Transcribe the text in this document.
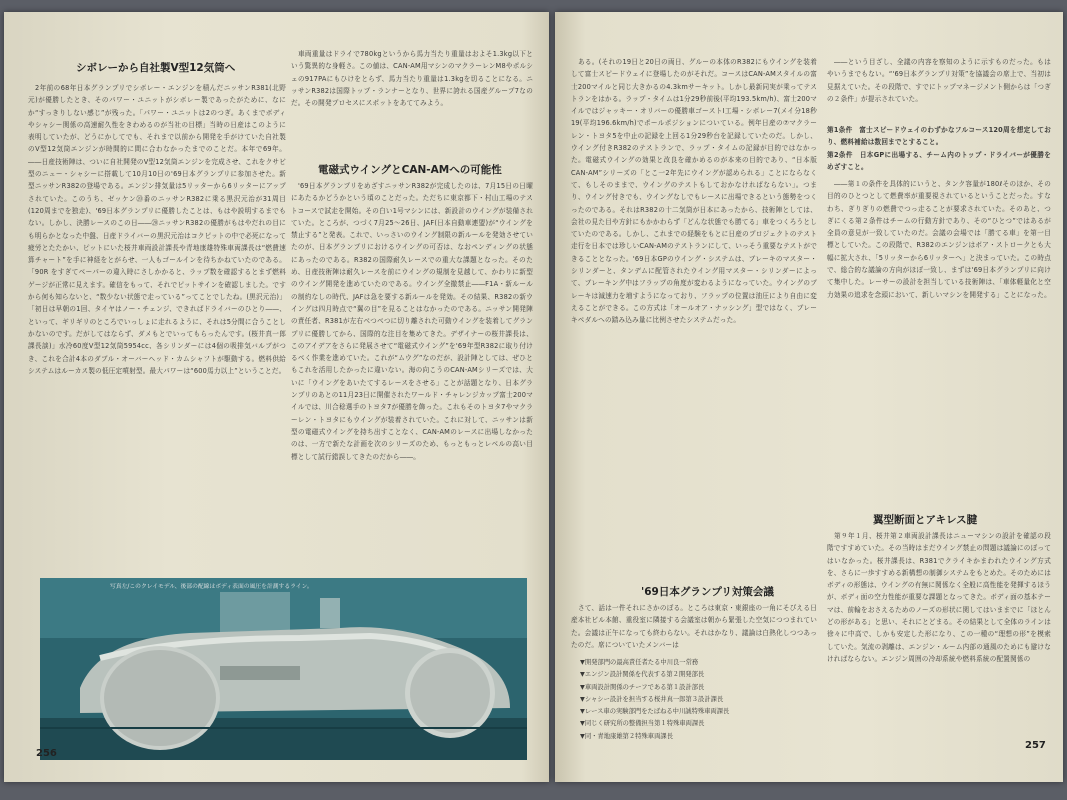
シボレーから自社製V型12気筒へ

2年前の68年日本グランプリでシボレー・エンジンを積んだニッサンR381(北野元)が優勝したとき、そのパワー・ユニットがシボレー製であったがために、なにか“すっきりしない感じ”が残った。「パワー・ユニットは2のつぎ。あくまでボディやシャシー関係の高速耐久性をきわめるのが当社の目標」当時の日産はこのように表明していたが、どうにかしてでも、それまで以前から開発を手がけていた自社製のV型12気筒エンジンが時間的に間に合わなかったまでのことだ。本年で69年。――日産技術陣は、ついに自社開発のV型12気筒エンジンを完成させ、これをクサビ型のニュー・シャシーに搭載して10月10日の'69日本グランプリに参加させた。新型ニッサンR382の登場である。エンジン排気量は5リッターから6リッターにアップされていた。このうち、ゼッケン⑳番のニッサンR382に乗る黒沢元治が31周目(120周までを独走)、'69日本グランプリに優勝したことは、もはや説明するまでもない。しかし、決勝レースのこの日――⑳ニッサンR382の優勝がもはやだれの目にも明らかとなった中盤、日産ドライバーの黒沢元治はコクピットの中で必死になって疲労とたたかい、ピットにいた桜井車両設計課長や青地康雄特殊車両課長は“燃費速算チャート”を手に神経をとがらせ、一人もゴールインを待ちかねていたのである。「90R をすぎてベーパーの違入時にさしかかると、ラップ数を確認するとまず燃料ゲージが正常に見えます。確信をもって、それでピットサインを確認しました。ですから何も知らないと、“数少ない状態で走っている”ってことでしたね。(黒沢元治)」「初日は早朝の1回、タイヤはノー・チェンジ、できればドライバーのひとり――、といって、ギリギリのところでいっしょに走れるように、それは5分間に合うことしかないのです。だがしてはならず、ダメもとでいってもらったんです。(桜井真一郎課長談)」水冷60度V型12気筒5954cc、各シリンダーには4個の吸排気バルブがつき、これを合計4本のダブル・オーバーヘッド・カムシャフトが駆動する。燃料供給システムはルーカス製の低圧定噴射型。最大パワーは“600馬力以上”ということだ。

車両重量はドライで780kgというから馬力当たり重量はおよそ1.3kg以下という驚異的な身軽さ。この値は、CAN-AM用マシンのマクラーレンM8やポルシェの917PAにもひけをとらず、馬力当たり重量は1.3kgを切ることになる。ニッサンR382は国際トップ・ランナーとなり、世界に誇れる国産グループ7なのだ。その開発プロセスにスポットをあててみよう。

電磁式ウイングとCAN-AMへの可能性

'69日本グランプリをめざすニッサンR382が完成したのは、7月15日の日曜にあたるかどうかという頃のことだった。ただちに東京都下・村山工場のテストコースで試走を開始。その白い1号マシンには、新設計のウイングが装備されていた。ところが、つづく7月25～26日、JAF(日本自動車連盟)が“ウイングを禁止する”と発表。これで、いっさいのウイング制限の新ルールを発効させていたのが、日本グランプリにおけるウイングの可否は、なおペンディングの状態にあったのである。R382の国際耐久レースでの重大な課題となった。そのため、日産技術陣は耐久レースを前にウイングの規制を見越して、かわりに新型のウイング開発を進めていたのである。ウイング全撤禁止――F1A・新ルールの制約なしの時代、JAFは急を要する新ルールを発効。その結果、R382の新ウイングは四月時点で“翼の目”を見ることはなかったのである。ニッサン開発陣の責任者、R381が左右べつべつに切り離された可動ウイングを装着してグランプリに優勝してから、国際的な注目を集めてきた。デザイナーの桜井課長は、このアイデアをさらに発展させて“電磁式ウイング”を'69年型R382に取り付けるべく作業を進めていた。これが“ムウグ”なのだが、設計陣としては、ぜひともこれを活用したかったに違いない。海の向こうのCAN-AMシリーズでは、大いに「ウイングをあいたてするレースをさせる」ことが話題となり、日本グランプリのあとの11月23日に開催されたワールド・チャレンジカップ富士200マイルでは、川合稔選手のトヨタ7が優勝を飾った。これもそのトヨタ7やマクラーレン・トヨタにもウイングが装着されていた。これに対して、ニッサンは新型の電磁式ウイングを持ち出すことなく、CAN-AMのレースに出場しなかったのは、一方で新たな計画を次のシリーズのため、もっともっとレベルの高い目標として試行錯誤してきたのだから――。

写真左/このクレイモデル、後部の配線はボディ表面の風圧を計測するライン。
256

ある。(それの19日と20日の両日、グルーの本体のR382にもウイングを装着して富士スピードウェイに登場したのがそれだ。コースはCAN-AMスタイルの富士200マイルと同じ大きかるの4.3kmサーキット。しかし最新同実が乗ってテストランをはかる。ラップ・タイムは1分29秒前後(平均193.5km/h)、富士200マイルではジャッキー・オリバーの優勝車ゴーストI工場・シボレー7(メイ分18秒19(平均196.6km/h)でポールポジションについている。例年日産の⑦マクラーレン・トヨタ5を中止の記録を上回る1分29秒台を記録していたのだ。しかし、ウイング付きR382のテストランで、ラップ・タイムの記録が目的ではなかった。電磁式ウイングの効果と改良を確かめるのが本来の目的であり、“日本版CAN-AM”シリーズの「とこ一2年先にウイングが認められる」ことにならなくて、もしそのままで、ウイングのテストもしておかなければならない」。つまり、ウイング付きでも、ウイングなしでもレースに出場できるという態勢をつくったのである。それはR382の十二気筒が日本にあったから、技術陣としては、会社の見た目や方針にもかかわらず「どんな状態でも勝てる」車をつくろうとしていたのである。しかし、これまでの経験をもとに日産のプロジェクトのテスト走行を日本では珍しいCAN-AMのテストランにして、いっそう重要なテストができることとなった。'69日本GPのウイング・システムは、ブレーキのマスター・シリンダーと、タンデムに配管されたウイング用マスター・シリンダーによって、ブレーキング中はフラップの角度が変わるようになっていた。ウイングのブレーキは減速力を増すようになっており、フラップの位置は油圧により自由に変えることができる。この方式は「オールオア・ナッシング」型ではなく、ブレーキペダルへの踏み込み量に比例させたシステムだった。

'69日本グランプリ対策会議

さて、話は一件それにさかのぼる。ところは東京・東銀座の一角にそびえる日産本社ビル本館、重役室に隣接する会議室は朝から緊張した空気につつまれていた。会議は正午になっても終わらない。それはかなり、議論は白熱化しつつあったのだ。席についていたメンバーは

――という目ざし、全議の内容を察知のように示すものだった。もはやいうまでもない。“'69日本グランプリ対策”を協議会の席上で、当初は見据えていた。その段階で、すでにトップマネージメント側からは「つぎの２条件」が提示されていた。

第1条件　富士スピードウェイのわずかなフルコース120周を想定しており、燃料補給は数回までとすること。

第2条件　日本GPに出場する、チーム内のトップ・ドライバーが優勝をめざすこと。

――第１の条件を具体的にいうと、タンク容量が180ℓそのほか、その目的のひとつとして燃費率が重要視されているということだった。すなわち、ぎりぎりの燃費でつっ走ることが要求されていた。そのあと、つぎにくる第２条件はチームの行動方針であり、その“ひとつ”ではあるが全員の意見が一致していたのだ。会議の会場では「勝てる車」を第一目標としていた。この段階で、R382のエンジンはボア・ストロークとも大幅に拡大され、「5リッターから6リッターへ」と決まっていた。この時点で、総合的な議論の方向がほぼ一致し、まずは'69日本グランプリに向けて集中した。レーサーの設計を担当している技術陣は、「車体軽量化と空力効果の追求を念頭において、新しいマシンを開発する」ことになった。

翼型断面とアキレス腱

第９年１月、桜井第２車両設計課長はニューマシンの設計を確認の段階ですすめていた。その当時はまだウイング禁止の問題は議論にのぼってはいなかった。桜井課長は、R381でクライキかまわれたウイング方式を、さらに一歩すすめる新構想の制御システムをもとめた。そのためにはボディの形態は、ウイングの有無に関係なく全般に高性能を発揮するほうが、ボディ面の空力性能が重要な課題となってきた。ボディ面の基本テーマは、前輪をおさえるためのノーズの形状に関してはいままでに「ほとんどの形がある」と思い、それにとどまる。その結果として全体のラインは徐々に中高で、しかも安定した形になり、この一種の“理想の形”を模索していた。気流の剥離は、エンジン・ルーム内部の通風のためにも避けなければならない。エンジン周囲の冷却系統や燃料系統の配置関係の

257
▼開発部門の最高責任者たる中川良一常務
▼エンジン設計関係を代表する第２開発部長
▼車両設計関係のチーフである第１設計部長
▼シャシー設計を担当する桜井真一郎第３設計課長
▼レース車の実験部門をたばねる中川誠特殊車両課長
▼同じく研究所の整備担当第１特殊車両課長
▼同・青地康雄第２特殊車両課長
